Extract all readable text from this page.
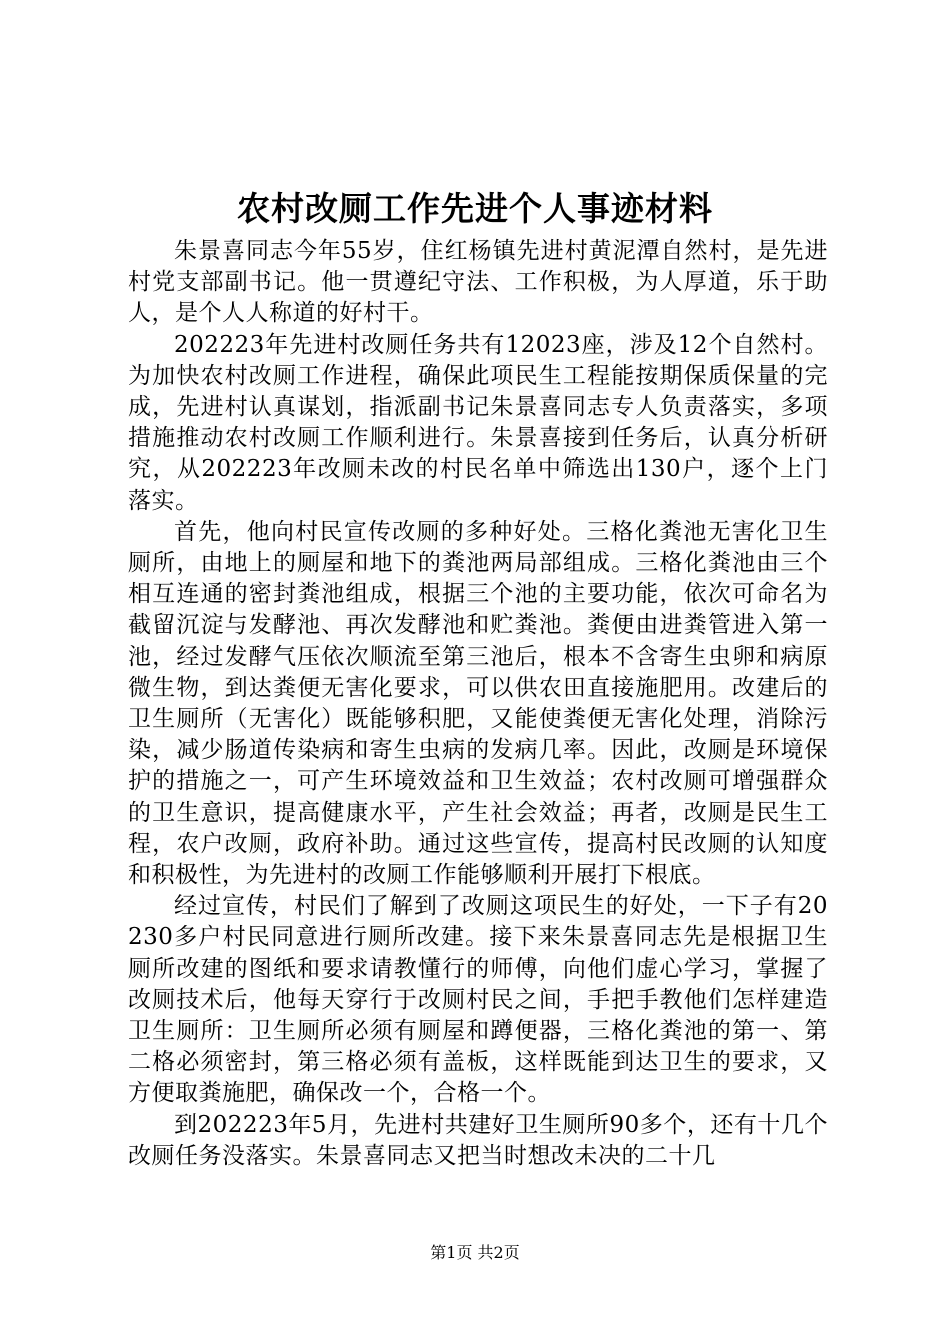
农村改厕工作先进个人事迹材料

朱景喜同志今年55岁，住红杨镇先进村黄泥潭自然村，是先进村党支部副书记。他一贯遵纪守法、工作积极，为人厚道，乐于助人，是个人人称道的好村干。

202223年先进村改厕任务共有12023座，涉及12个自然村。为加快农村改厕工作进程，确保此项民生工程能按期保质保量的完成，先进村认真谋划，指派副书记朱景喜同志专人负责落实，多项措施推动农村改厕工作顺利进行。朱景喜接到任务后，认真分析研究，从202223年改厕未改的村民名单中筛选出130户，逐个上门落实。

首先，他向村民宣传改厕的多种好处。三格化粪池无害化卫生厕所，由地上的厕屋和地下的粪池两局部组成。三格化粪池由三个相互连通的密封粪池组成，根据三个池的主要功能，依次可命名为截留沉淀与发酵池、再次发酵池和贮粪池。粪便由进粪管进入第一池，经过发酵气压依次顺流至第三池后，根本不含寄生虫卵和病原微生物，到达粪便无害化要求，可以供农田直接施肥用。改建后的卫生厕所（无害化）既能够积肥，又能使粪便无害化处理，消除污染，减少肠道传染病和寄生虫病的发病几率。因此，改厕是环境保护的措施之一，可产生环境效益和卫生效益；农村改厕可增强群众的卫生意识，提高健康水平，产生社会效益；再者，改厕是民生工程，农户改厕，政府补助。通过这些宣传，提高村民改厕的认知度和积极性，为先进村的改厕工作能够顺利开展打下根底。

经过宣传，村民们了解到了改厕这项民生的好处，一下子有20230多户村民同意进行厕所改建。接下来朱景喜同志先是根据卫生厕所改建的图纸和要求请教懂行的师傅，向他们虚心学习，掌握了改厕技术后，他每天穿行于改厕村民之间，手把手教他们怎样建造卫生厕所：卫生厕所必须有厕屋和蹲便器，三格化粪池的第一、第二格必须密封，第三格必须有盖板，这样既能到达卫生的要求，又方便取粪施肥，确保改一个，合格一个。

到202223年5月，先进村共建好卫生厕所90多个，还有十几个改厕任务没落实。朱景喜同志又把当时想改未决的二十几

第1页 共2页
